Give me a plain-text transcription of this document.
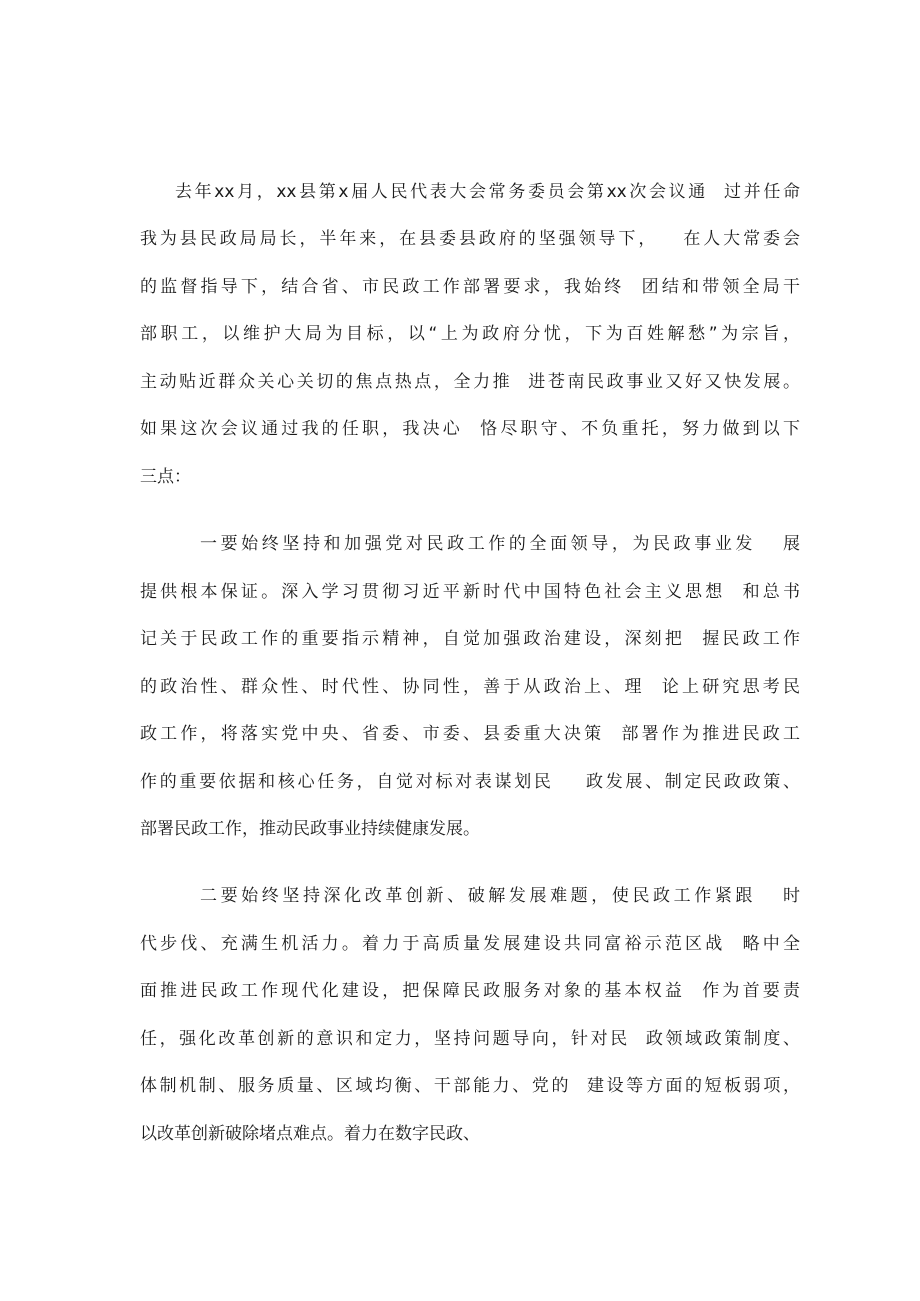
去年xx月，xx县第x届人民代表大会常务委员会第xx次会议通  过并任命
我为县民政局局长，半年来，在县委县政府的坚强领导下，   在人大常委会
的监督指导下，结合省、市民政工作部署要求，我始终  团结和带领全局干
部职工，以维护大局为目标，以“上为政府分忧，下为百姓解愁”为宗旨，
主动贴近群众关心关切的焦点热点，全力推  进苍南民政事业又好又快发展。
如果这次会议通过我的任职，我决心  恪尽职守、不负重托，努力做到以下
三点：
一要始终坚持和加强党对民政工作的全面领导，为民政事业发   展
提供根本保证。深入学习贯彻习近平新时代中国特色社会主义思想  和总书
记关于民政工作的重要指示精神，自觉加强政治建设，深刻把  握民政工作
的政治性、群众性、时代性、协同性，善于从政治上、理  论上研究思考民
政工作，将落实党中央、省委、市委、县委重大决策  部署作为推进民政工
作的重要依据和核心任务，自觉对标对表谋划民    政发展、制定民政政策、
部署民政工作，推动民政事业持续健康发展。
二要始终坚持深化改革创新、破解发展难题，使民政工作紧跟   时
代步伐、充满生机活力。着力于高质量发展建设共同富裕示范区战  略中全
面推进民政工作现代化建设，把保障民政服务对象的基本权益  作为首要责
任，强化改革创新的意识和定力，坚持问题导向，针对民  政领域政策制度、
体制机制、服务质量、区域均衡、干部能力、党的  建设等方面的短板弱项，
以改革创新破除堵点难点。着力在数字民政、
